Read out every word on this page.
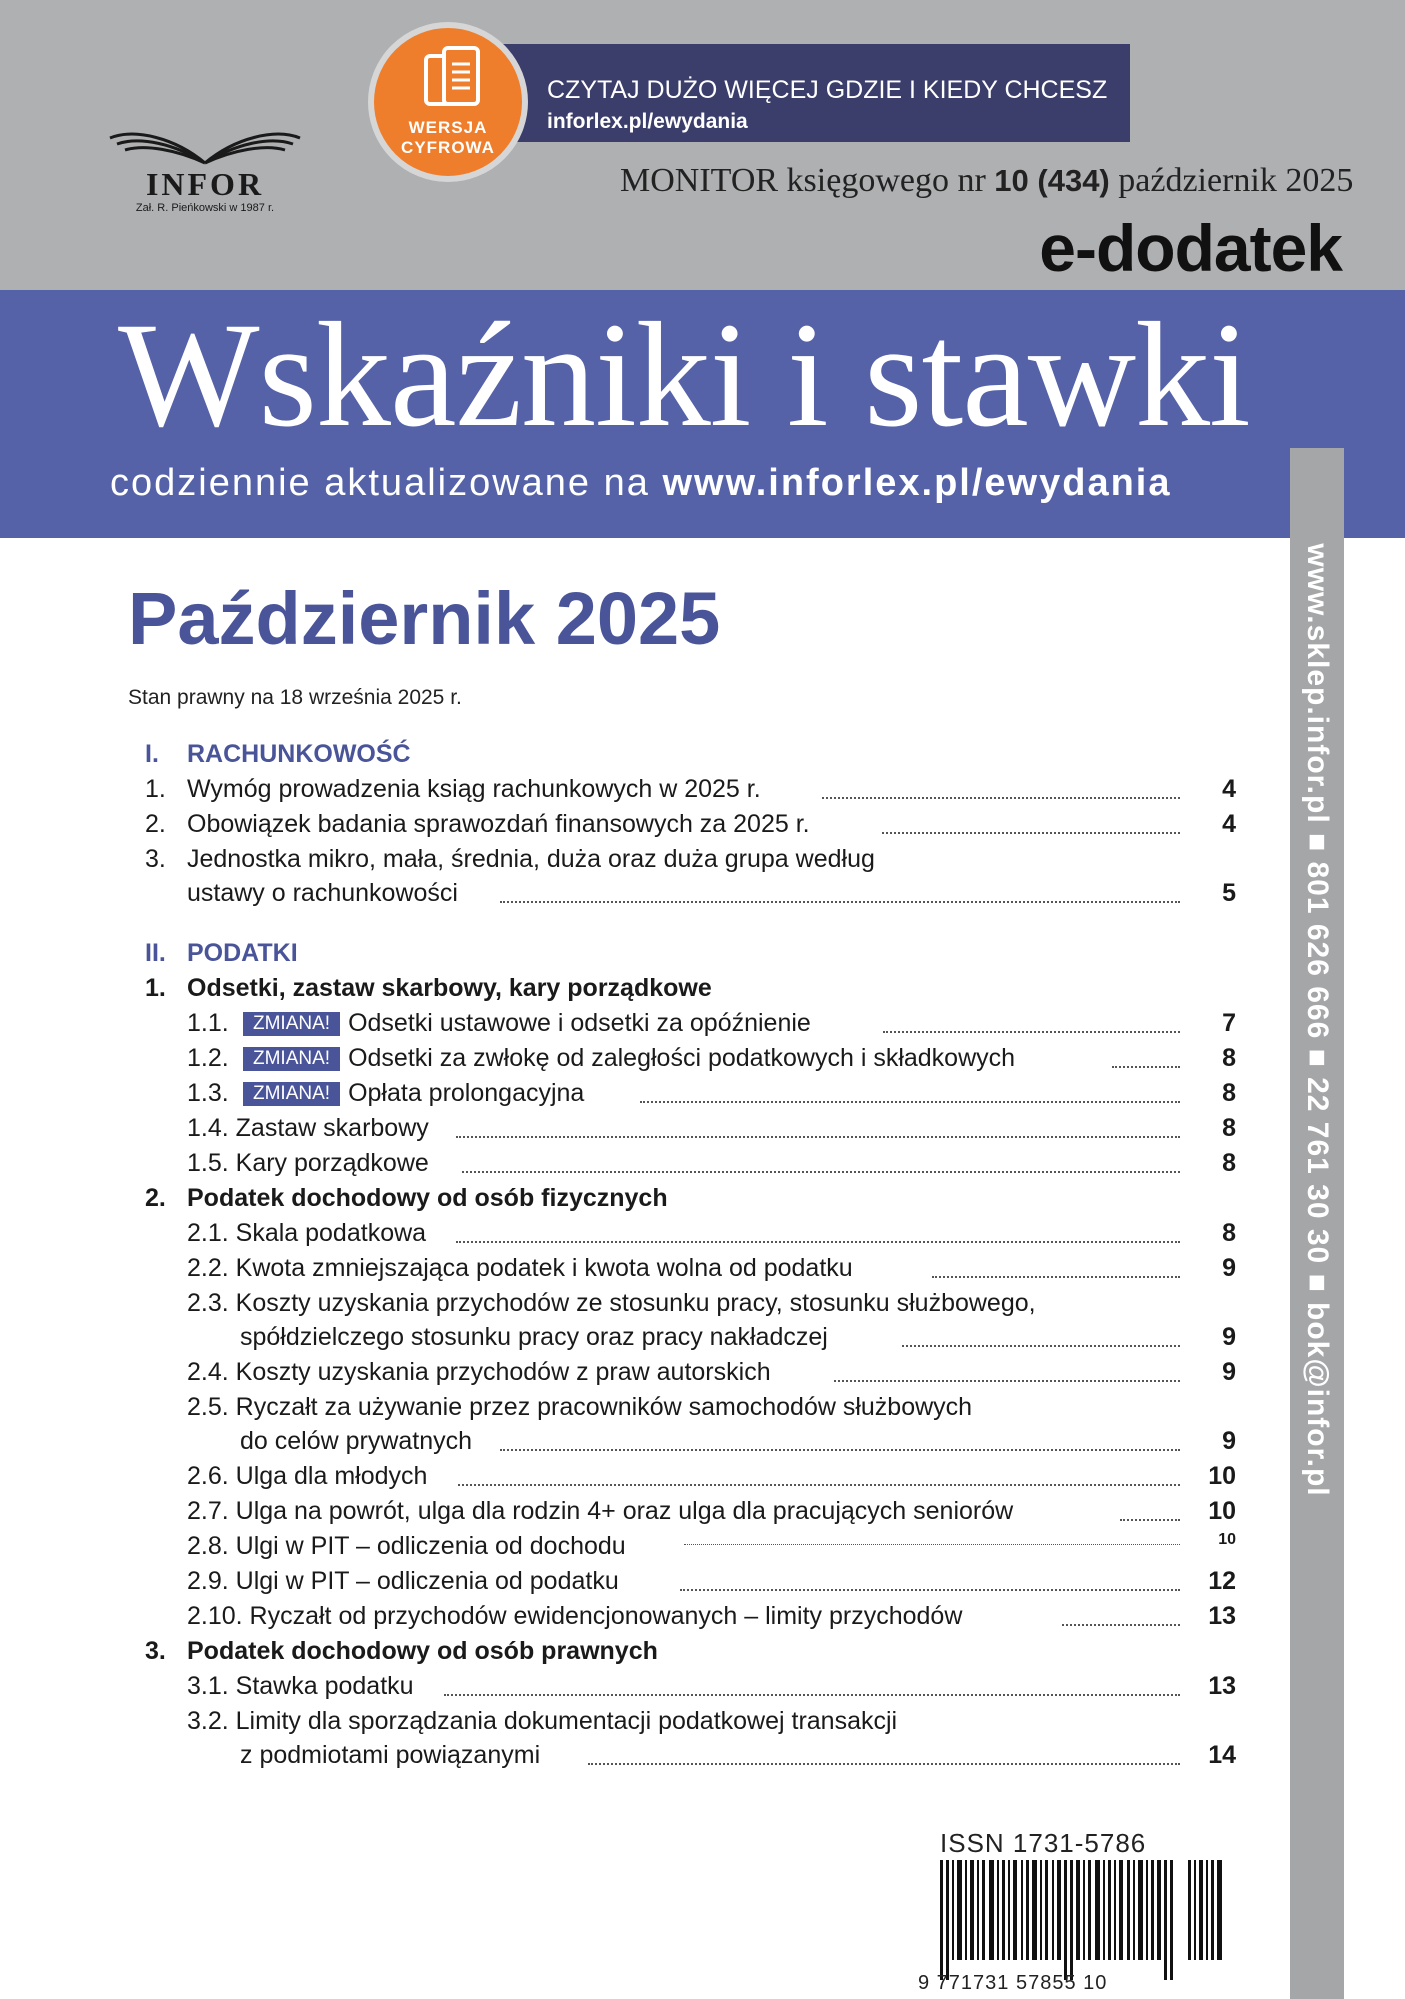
INFOR
Zał. R. Pieńkowski w 1987 r.
CZYTAJ DUŻO WIĘCEJ GDZIE I KIEDY CHCESZ
inforlex.pl/ewydania
WERSJA
CYFROWA
MONITOR księgowego nr 10 (434) październik 2025
e-dodatek
Wskaźniki i stawki
codziennie aktualizowane na www.inforlex.pl/ewydania
www.sklep.infor.pl ■ 801 626 666 ■ 22 761 30 30 ■ bok@infor.pl
Październik 2025
Stan prawny na 18 września 2025 r.
I. RACHUNKOWOŚĆ
1. Wymóg prowadzenia ksiąg rachunkowych w 2025 r.	4
2. Obowiązek badania sprawozdań finansowych za 2025 r.	4
3. Jednostka mikro, mała, średnia, duża oraz duża grupa według
ustawy o rachunkowości	5
II. PODATKI
1. Odsetki, zastaw skarbowy, kary porządkowe
1.1.	ZMIANA! Odsetki ustawowe i odsetki za opóźnienie	7
1.2.	ZMIANA! Odsetki za zwłokę od zaległości podatkowych i składkowych	8
1.3.	ZMIANA! Opłata prolongacyjna	8
1.4. Zastaw skarbowy	8
1.5. Kary porządkowe	8
2. Podatek dochodowy od osób fizycznych
2.1. Skala podatkowa	8
2.2. Kwota zmniejszająca podatek i kwota wolna od podatku	9
2.3. Koszty uzyskania przychodów ze stosunku pracy, stosunku służbowego,
spółdzielczego stosunku pracy oraz pracy nakładczej	9
2.4. Koszty uzyskania przychodów z praw autorskich	9
2.5. Ryczałt za używanie przez pracowników samochodów służbowych
do celów prywatnych	9
2.6. Ulga dla młodych	10
2.7. Ulga na powrót, ulga dla rodzin 4+ oraz ulga dla pracujących seniorów	10
2.8. Ulgi w PIT – odliczenia od dochodu	10
2.9. Ulgi w PIT – odliczenia od podatku	12
2.10. Ryczałt od przychodów ewidencjonowanych – limity przychodów	13
3. Podatek dochodowy od osób prawnych
3.1. Stawka podatku	13
3.2. Limity dla sporządzania dokumentacji podatkowej transakcji
z podmiotami powiązanymi	14
ISSN 1731-5786
9 771731 57855 10
